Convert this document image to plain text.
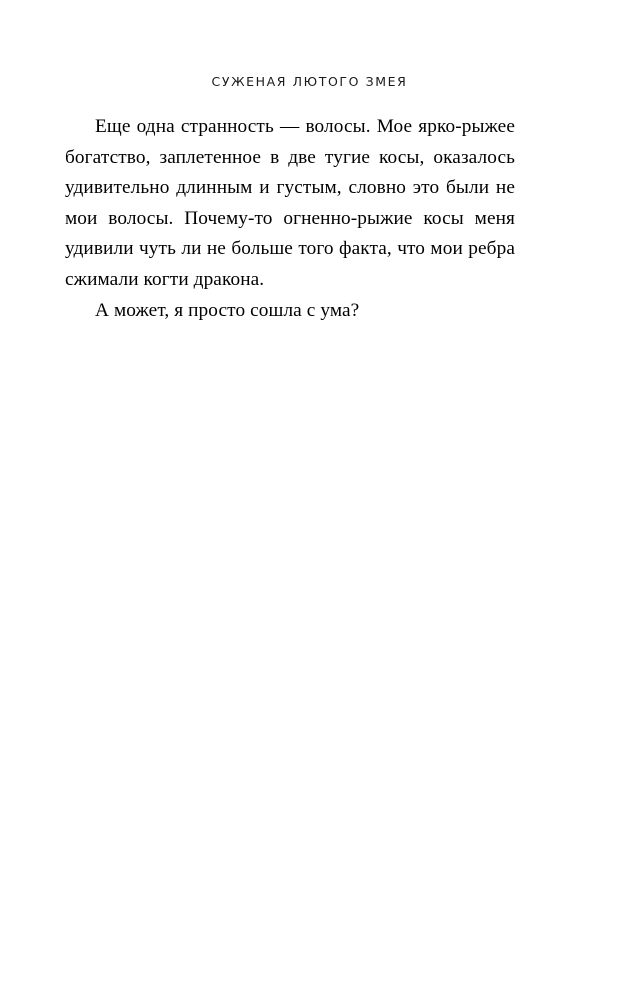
СУЖЕНАЯ ЛЮТОГО ЗМЕЯ

Еще одна странность — волосы. Мое ярко-рыжее богатство, заплетенное в две тугие косы, оказалось удивительно длинным и густым, словно это были не мои волосы. Почему-то огненно-рыжие косы меня удивили чуть ли не больше того факта, что мои ребра сжимали когти дракона.

А может, я просто сошла с ума?
